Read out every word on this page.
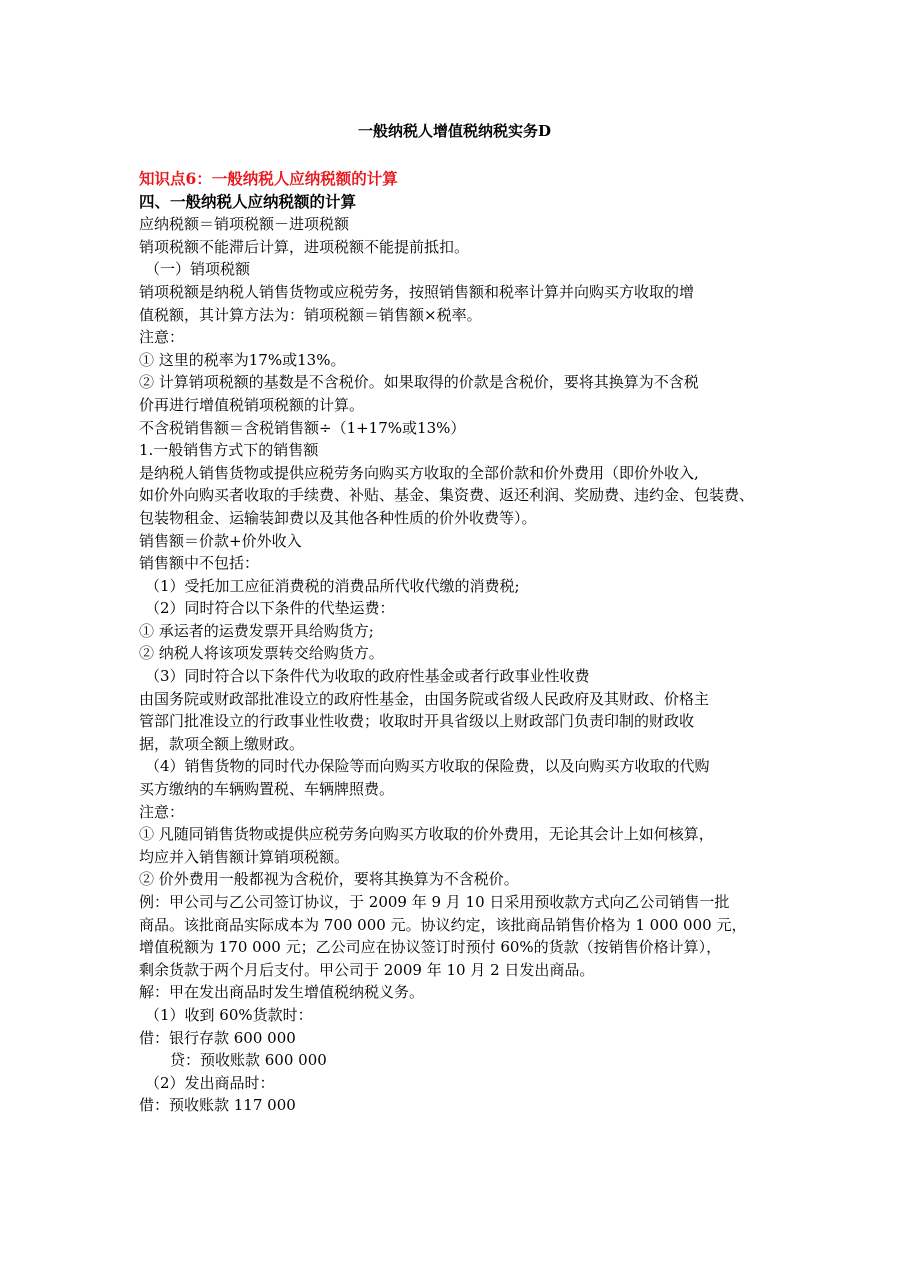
一般纳税人增值税纳税实务D
知识点6：一般纳税人应纳税额的计算
四、一般纳税人应纳税额的计算
应纳税额＝销项税额－进项税额
销项税额不能滞后计算，进项税额不能提前抵扣。
（一）销项税额
销项税额是纳税人销售货物或应税劳务，按照销售额和税率计算并向购买方收取的增
值税额，其计算方法为：销项税额＝销售额×税率。
注意：
① 这里的税率为17%或13%。
② 计算销项税额的基数是不含税价。如果取得的价款是含税价，要将其换算为不含税
价再进行增值税销项税额的计算。
不含税销售额＝含税销售额÷（1+17%或13%）
1.一般销售方式下的销售额
是纳税人销售货物或提供应税劳务向购买方收取的全部价款和价外费用（即价外收入,
如价外向购买者收取的手续费、补贴、基金、集资费、返还利润、奖励费、违约金、包装费、
包装物租金、运输装卸费以及其他各种性质的价外收费等）。
销售额＝价款+价外收入
销售额中不包括：
（1）受托加工应征消费税的消费品所代收代缴的消费税;
（2）同时符合以下条件的代垫运费：
① 承运者的运费发票开具给购货方;
② 纳税人将该项发票转交给购货方。
（3）同时符合以下条件代为收取的政府性基金或者行政事业性收费
由国务院或财政部批准设立的政府性基金，由国务院或省级人民政府及其财政、价格主
管部门批准设立的行政事业性收费；收取时开具省级以上财政部门负责印制的财政收
据，款项全额上缴财政。
（4）销售货物的同时代办保险等而向购买方收取的保险费，以及向购买方收取的代购
买方缴纳的车辆购置税、车辆牌照费。
注意：
① 凡随同销售货物或提供应税劳务向购买方收取的价外费用，无论其会计上如何核算，
均应并入销售额计算销项税额。
② 价外费用一般都视为含税价，要将其换算为不含税价。
例：甲公司与乙公司签订协议，于 2009 年 9 月 10 日采用预收款方式向乙公司销售一批
商品。该批商品实际成本为 700 000 元。协议约定，该批商品销售价格为 1 000 000 元，
增值税额为 170 000 元；乙公司应在协议签订时预付 60%的货款（按销售价格计算），
剩余货款于两个月后支付。甲公司于 2009 年 10 月 2 日发出商品。
解：甲在发出商品时发生增值税纳税义务。
（1）收到 60%货款时：
借：银行存款 600 000
贷：预收账款 600 000
（2）发出商品时：
借：预收账款 117 000
